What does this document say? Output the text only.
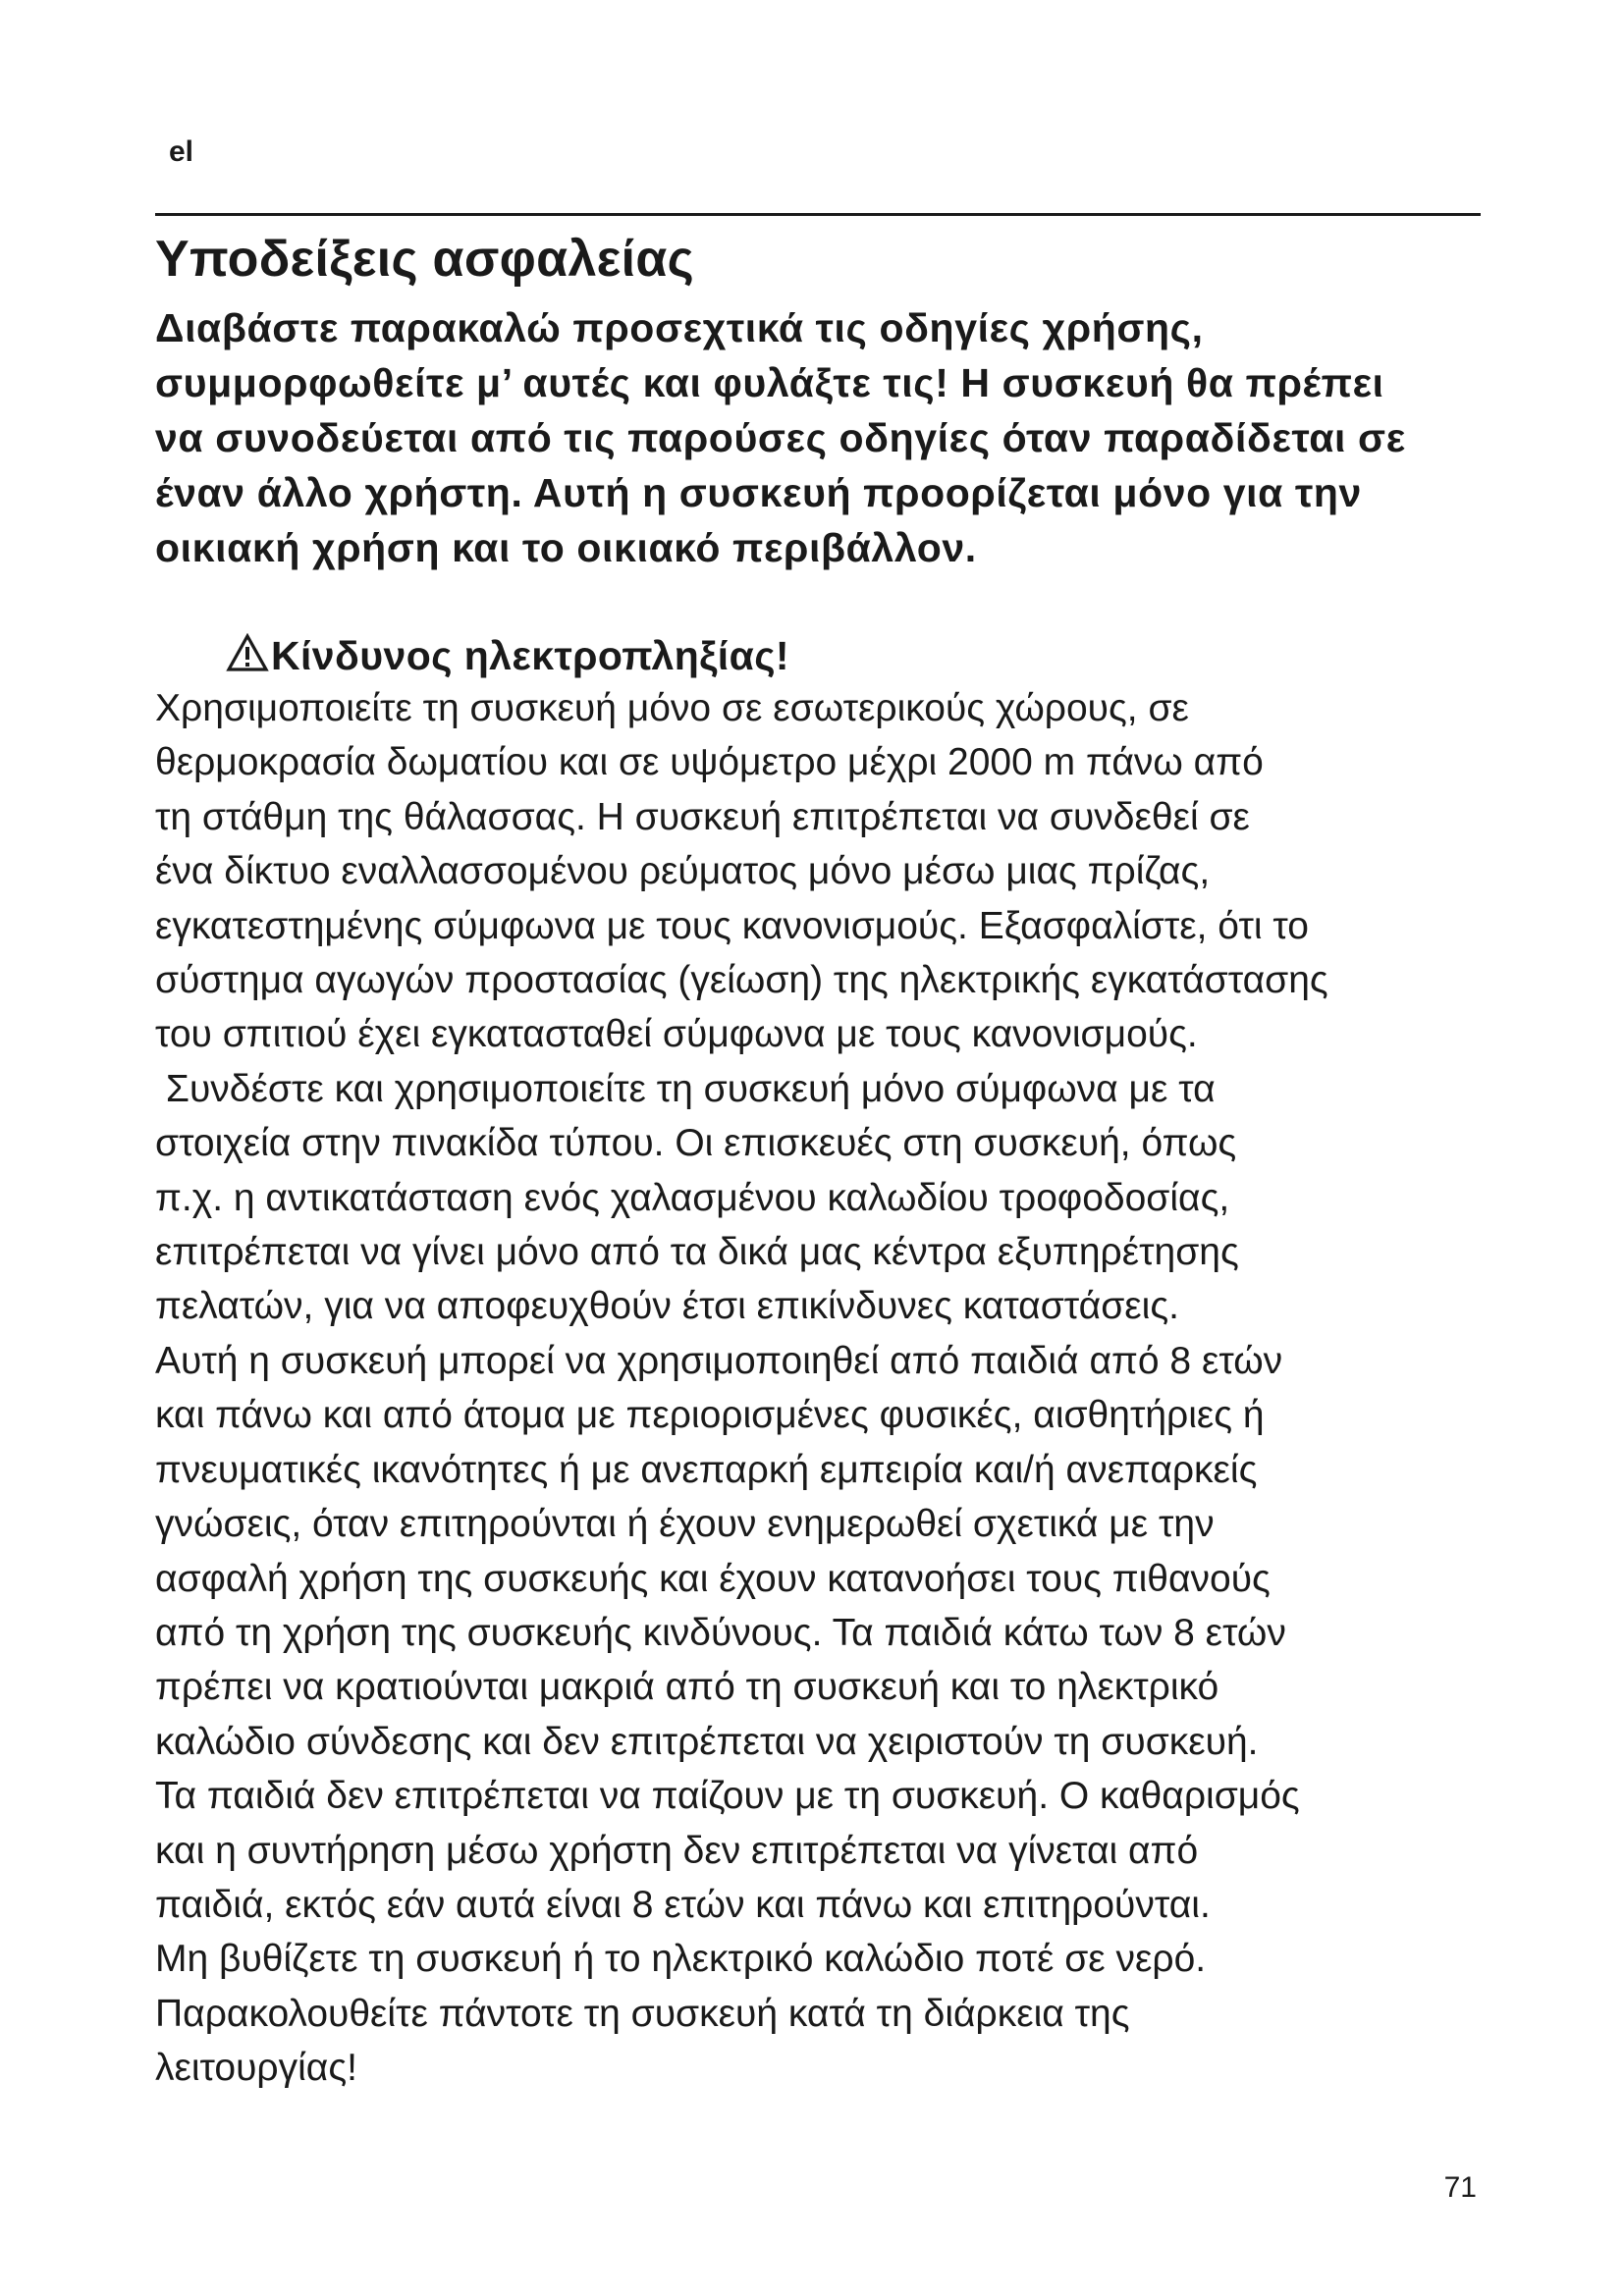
el
Υποδείξεις ασφαλείας

Διαβάστε παρακαλώ προσεχτικά τις οδηγίες χρήσης,
συμμορφωθείτε μ’ αυτές και φυλάξτε τις! Η συσκευή θα πρέπει
να συνοδεύεται από τις παρούσες οδηγίες όταν παραδίδεται σε
έναν άλλο χρήστη. Αυτή η συσκευή προορίζεται μόνο για την
οικιακή χρήση και το οικιακό περιβάλλον.

Κίνδυνος ηλεκτροπληξίας!

Χρησιμοποιείτε τη συσκευή μόνο σε εσωτερικούς χώρους, σε
θερμοκρασία δωματίου και σε υψόμετρο μέχρι 2000 m πάνω από
τη στάθμη της θάλασσας. Η συσκευή επιτρέπεται να συνδεθεί σε
ένα δίκτυο εναλλασσομένου ρεύματος μόνο μέσω μιας πρίζας,
εγκατεστημένης σύμφωνα με τους κανονισμούς. Εξασφαλίστε, ότι το
σύστημα αγωγών προστασίας (γείωση) της ηλεκτρικής εγκατάστασης
του σπιτιού έχει εγκατασταθεί σύμφωνα με τους κανονισμούς.
Συνδέστε και χρησιμοποιείτε τη συσκευή μόνο σύμφωνα με τα
στοιχεία στην πινακίδα τύπου. Οι επισκευές στη συσκευή, όπως
π.χ. η αντικατάσταση ενός χαλασμένου καλωδίου τροφοδοσίας,
επιτρέπεται να γίνει μόνο από τα δικά μας κέντρα εξυπηρέτησης
πελατών, για να αποφευχθούν έτσι επικίνδυνες καταστάσεις.
Αυτή η συσκευή μπορεί να χρησιμοποιηθεί από παιδιά από 8 ετών
και πάνω και από άτομα με περιορισμένες φυσικές, αισθητήριες ή
πνευματικές ικανότητες ή με ανεπαρκή εμπειρία και/ή ανεπαρκείς
γνώσεις, όταν επιτηρούνται ή έχουν ενημερωθεί σχετικά με την
ασφαλή χρήση της συσκευής και έχουν κατανοήσει τους πιθανούς
από τη χρήση της συσκευής κινδύνους. Τα παιδιά κάτω των 8 ετών
πρέπει να κρατιούνται μακριά από τη συσκευή και το ηλεκτρικό
καλώδιο σύνδεσης και δεν επιτρέπεται να χειριστούν τη συσκευή.
Τα παιδιά δεν επιτρέπεται να παίζουν με τη συσκευή. Ο καθαρισμός
και η συντήρηση μέσω χρήστη δεν επιτρέπεται να γίνεται από
παιδιά, εκτός εάν αυτά είναι 8 ετών και πάνω και επιτηρούνται.
Μη βυθίζετε τη συσκευή ή το ηλεκτρικό καλώδιο ποτέ σε νερό.
Παρακολουθείτε πάντοτε τη συσκευή κατά τη διάρκεια της
λειτουργίας!

71
